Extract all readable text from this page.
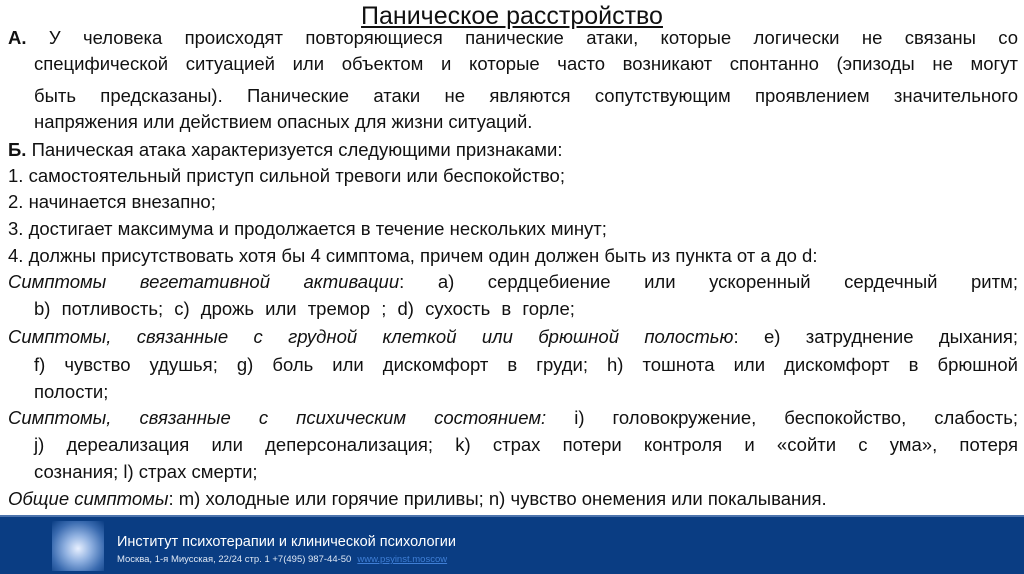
Паническое расстройство
А. У человека происходят повторяющиеся панические атаки, которые логически не связаны со
специфической ситуацией или объектом и которые часто возникают спонтанно (эпизоды не могут
быть предсказаны). Панические атаки не являются сопутствующим проявлением значительного
напряжения или действием опасных для жизни ситуаций.
Б. Паническая атака характеризуется следующими признаками:
1. самостоятельный приступ сильной тревоги или беспокойство;
2. начинается внезапно;
3. достигает максимума и продолжается в течение нескольких минут;
4. должны присутствовать хотя бы 4 симптома, причем один должен быть из пункта от a до d:
Симптомы вегетативной активации: a) сердцебиение или ускоренный сердечный ритм;
b) потливость; c) дрожь или тремор ; d) сухость в горле;
Симптомы, связанные с грудной клеткой или брюшной полостью: e) затруднение дыхания;
f) чувство удушья; g) боль или дискомфорт в груди; h) тошнота или дискомфорт в брюшной
полости;
Симптомы, связанные с психическим состоянием: i) головокружение, беспокойство, слабость;
j) дереализация или деперсонализация; k) страх потери контроля и «сойти с ума», потеря
сознания; l) страх смерти;
Общие симптомы: m) холодные или горячие приливы; n) чувство онемения или покалывания.
Институт психотерапии и клинической психологии
Москва, 1-я Миусская, 22/24 стр. 1 +7(495) 987-44-50 www.psyinst.moscow
